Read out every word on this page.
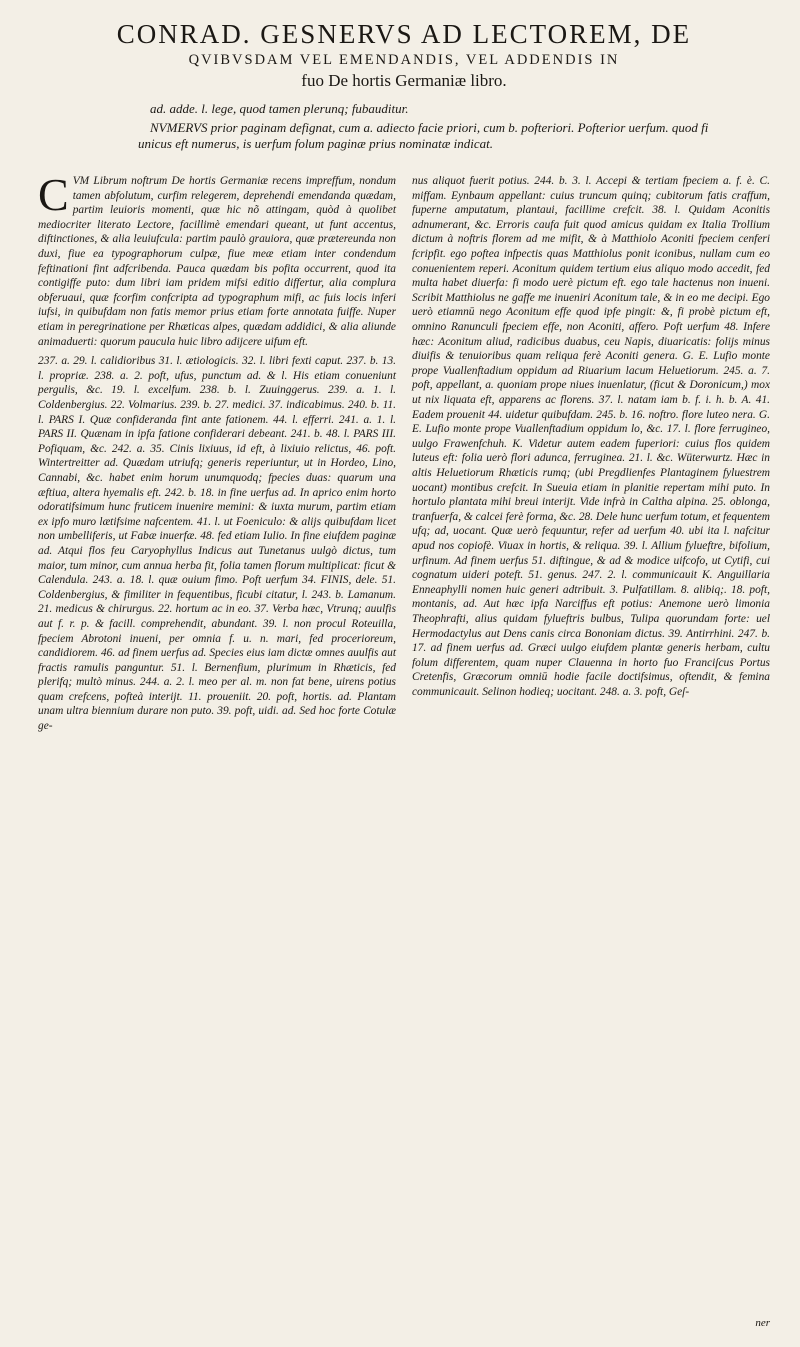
CONRAD. GESNERVS AD LECTOREM, DE
QVIBVSDAM VEL EMENDANDIS, VEL ADDENDIS IN
fuo De hortis Germaniæ libro.

ad. adde. l. lege, quod tamen plerunq; fubauditur.

NVMERVS prior paginam defignat, cum a. adiecto facie priori, cum b. pofteriori. Pofterior uerfum. quod fi unicus eft numerus, is uerfum folum paginæ prius nominatæ indicat.

CVM Librum noftrum De hortis Germaniæ recens impreffum, nondum tamen abfolutum, curfim relegerem, deprehendi emendanda quædam, partim leuioris momenti, quæ hic nõ attingam, quòd à quolibet mediocriter literato Lectore, facillimè emendari queant, ut funt accentus, diftinctiones, & alia leuiufcula: partim paulò grauiora, quæ prætereunda non duxi, fiue ea typographorum culpæ, fiue meæ etiam inter condendum feftinationi fint adfcribenda. Pauca quædam bis pofita occurrent, quod ita contigiffe puto: dum libri iam pridem mifsi editio differtur, alia complura obferuaui, quæ fcorfim confcripta ad typographum mifi, ac fuis locis inferi iufsi, in quibufdam non fatis memor prius etiam forte annotata fuiffe. Nuper etiam in peregrinatione per Rhæticas alpes, quædam addidici, & alia aliunde animaduerti: quorum paucula huic libro adijcere uifum eft.

237. a. 29. l. calidioribus 31. l. ætiologicis. 32. l. libri fexti caput. 237. b. 13. l. propriæ. 238. a. 2. poft, ufus, punctum ad. & l. His etiam conueniunt pergulis, &c. 19. l. excelfum. 238. b. l. Zuuinggerus. 239. a. 1. l. Coldenbergius. 22. Volmarius. 239. b. 27. medici. 37. indicabimus. 240. b. 11. l. PARS I. Quæ confideranda fint ante fationem. 44. l. efferri. 241. a. 1. l. PARS II. Quænam in ipfa fatione confiderari debeant. 241. b. 48. l. PARS III. Pofiquam, &c. 242. a. 35. Cinis lixiuus, id eft, à lixiuio relictus, 46. poft. Wintertreitter ad. Quædam utriufq; generis reperiuntur, ut in Hordeo, Lino, Cannabi, &c. habet enim horum unumquodq; fpecies duas: quarum una æftiua, altera hyemalis eft. 242. b. 18. in fine uerfus ad. In aprico enim horto odoratifsimum hunc fruticem inuenire memini: & iuxta murum, partim etiam ex ipfo muro lætifsime nafcentem. 41. l. ut Foeniculo: & alijs quibufdam licet non umbelliferis, ut Fabæ inuerfæ. 48. fed etiam Iulio. In fine eiufdem paginæ ad. Atqui flos feu Caryophyllus Indicus aut Tunetanus uulgò dictus, tum maior, tum minor, cum annua herba fit, folia tamen florum multiplicat: ficut & Calendula. 243. a. 18. l. quæ ouium fimo. Poft uerfum 34. FINIS, dele. 51. Coldenbergius, & fimiliter in fequentibus, ficubi citatur, l. 243. b. Lamanum. 21. medicus & chirurgus. 22. hortum ac in eo. 37. Verba hæc, Vtrunq; auulfis aut f. r. p. & facill. comprehendit, abundant. 39. l. non procul Roteuilla, fpeciem Abrotoni inueni, per omnia f. u. n. mari, fed procerioreum, candidiorem. 46. ad finem uerfus ad. Species eius iam dictæ omnes auulfis aut fractis ramulis panguntur. 51. l. Bernenfium, plurimum in Rhæticis, fed plerifq; multò minus. 244. a. 2. l. meo per al. m. non fat bene, uirens potius quam crefcens, pofteà interijt. 11. proueniit. 20. poft, hortis. ad. Plantam unam ultra biennium durare non puto. 39. poft, uidi. ad. Sed hoc forte Cotulæ ge-

nus aliquot fuerit potius. 244. b. 3. l. Accepi & tertiam fpeciem a. f. è. C. miffam. Eynbaum appellant: cuius truncum quinq; cubitorum fatis craffum, fuperne amputatum, plantaui, facillime crefcit. 38. l. Quidam Aconitis adnumerant, &c. Erroris caufa fuit quod amicus quidam ex Italia Trollium dictum à noftris florem ad me mifit, & à Matthiolo Aconiti fpeciem cenferi fcripfit. ego poftea infpectis quas Matthiolus ponit iconibus, nullam cum eo conuenientem reperi. Aconitum quidem tertium eius aliquo modo accedit, fed multa habet diuerfa: fi modo uerè pictum eft. ego tale hactenus non inueni. Scribit Matthiolus ne gaffe me inueniri Aconitum tale, & in eo me decipi. Ego uerò etiamnū nego Aconitum effe quod ipfe pingit: &, fi probè pictum eft, omnino Ranunculi fpeciem effe, non Aconiti, affero. Poft uerfum 48. Infere hæc: Aconitum aliud, radicibus duabus, ceu Napis, diuaricatis: folijs minus diuifis & tenuioribus quam reliqua ferè Aconiti genera. G. E. Lufio monte prope Vuallenftadium oppidum ad Riuarium lacum Heluetiorum. 245. a. 7. poft, appellant, a. quoniam prope niues inuenlatur, (ficut & Doronicum,) mox ut nix liquata eft, apparens ac florens. 37. l. natam iam b. f. i. h. b. A. 41. Eadem prouenit 44. uidetur quibufdam. 245. b. 16. noftro. flore luteo nera. G. E. Lufio monte prope Vuallenftadium oppidum lo, &c. 17. l. flore ferrugineo, uulgo Frawenfchuh. K. Videtur autem eadem fuperiori: cuius flos quidem luteus eft: folia uerò flori adunca, ferruginea. 21. l. &c. Wüterwurtz. Hæc in altis Heluetiorum Rhæticis rumq; (ubi Pregdlienfes Plantaginem fyluestrem uocant) montibus crefcit. In Sueuia etiam in planitie repertam mihi puto. In hortulo plantata mihi breui interijt. Vide infrà in Caltha alpina. 25. oblonga, tranfuerfa, & calcei ferè forma, &c. 28. Dele hunc uerfum totum, et fequentem ufq; ad, uocant. Quæ uerò fequuntur, refer ad uerfum 40. ubi ita l. nafcitur apud nos copiofè. Viuax in hortis, & reliqua. 39. l. Allium fylueftre, bifolium, urfinum. Ad finem uerfus 51. diftingue, & ad & modice uifcofo, ut Cytifi, cui cognatum uideri poteft. 51. genus. 247. 2. l. communicauit K. Anguillaria Enneaphylli nomen huic generi adtribuit. 3. Pulfatillam. 8. alibiq;. 18. poft, montanis, ad. Aut hæc ipfa Narciffus eft potius: Anemone uerò limonia Theophrafti, alius quidam fylueftris bulbus, Tulipa quorundam forte: uel Hermodactylus aut Dens canis circa Bononiam dictus. 39. Antirrhini. 247. b. 17. ad finem uerfus ad. Græci uulgo eiufdem plantæ generis herbam, cultu folum differentem, quam nuper Clauenna in horto fuo Franciſcus Portus Cretenfis, Græcorum omniū hodie facile doctifsimus, oftendit, & femina communicauit. Selinon hodieq; uocitant. 248. a. 3. poft, Geſ-

ner
